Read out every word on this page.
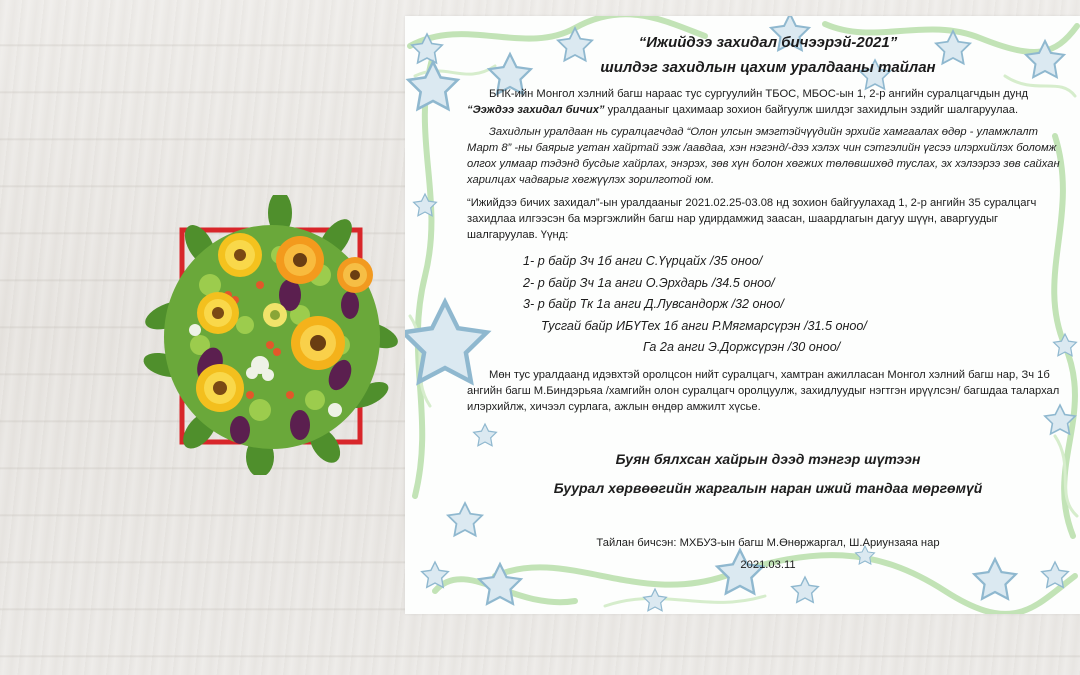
“Ижийдээ захидал бичээрэй-2021”

шилдэг захидлын цахим уралдааны тайлан

БПК-ийн Монгол хэлний багш нараас тус сургуулийн ТБОС, МБОС-ын 1, 2-р ангийн суралцагчдын дунд “Ээждээ захидал бичих” уралдааныг цахимаар зохион байгуулж шилдэг захидлын эздийг шалгаруулаа.

Захидлын уралдаан нь суралцагчдад “Олон улсын эмэгтэйчүүдийн эрхийг хамгаалах өдөр - уламжлалт Март 8” -ны баярыг угтан хайртай ээж /аавдаа, хэн нэгэнд/-дээ хэлэх чин сэтгэлийн үгсээ илэрхийлэх боломж олгох улмаар тэдэнд бусдыг хайрлах, энэрэх, зөв хүн болон хөгжих төлөвшихөд туслах, эх хэлээрээ зөв сайхан харилцах чадварыг хөгжүүлэх зорилготой юм.

“Ижийдээ бичих захидал”-ын уралдааныг 2021.02.25-03.08 нд зохион байгуулахад 1, 2-р ангийн 35 суралцагч захидлаа илгээсэн ба мэргэжлийн багш нар удирдамжид заасан, шаардлагын дагуу шүүн, аваргуудыг шалгаруулав. Үүнд:

1- р байр Зч 1б анги С.Үүрцайх /35 оноо/
2- р байр Зч 1а анги О.Эрхдарь /34.5 оноо/
3- р байр Тк 1а анги Д.Лувсандорж /32 оноо/
Тусгай байр ИБҮТех 1б анги Р.Мягмарсүрэн /31.5 оноо/
Га 2а анги Э.Доржсүрэн /30 оноо/

Мөн тус уралдаанд идэвхтэй оролцсон нийт суралцагч, хамтран ажилласан Монгол хэлний багш нар, Зч 1б ангийн багш М.Биндэрьяа /хамгийн олон суралцагч оролцуулж, захидлуудыг нэгтгэн ирүүлсэн/ багшдаа талархал илэрхийлж, хичээл сурлага, ажлын өндөр амжилт хүсье.

Буян бялхсан хайрын дээд тэнгэр шүтээн
Буурал хөрвөөгийн жаргалын наран ижий тандаа мөргөмүй
Тайлан бичсэн: МХБУЗ-ын багш М.Өнөржаргал, Ш.Ариунзаяа нар
2021.03.11
